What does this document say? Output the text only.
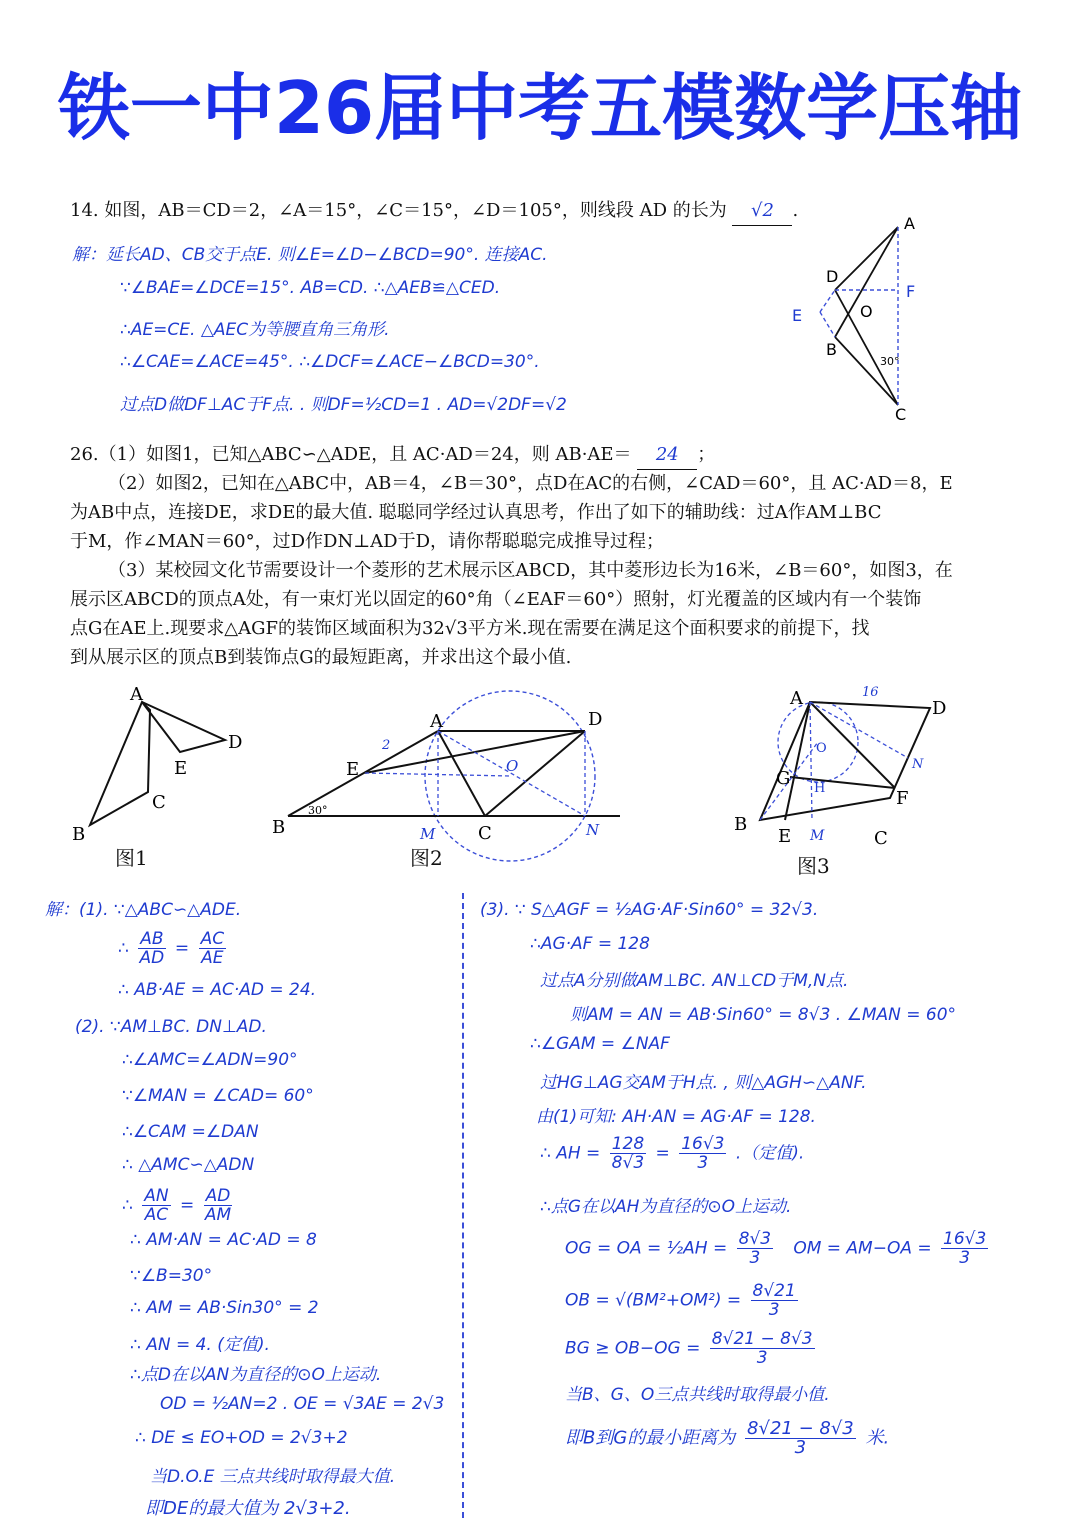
铁一中26届中考五模数学压轴
14. 如图，AB＝CD＝2，∠A＝15°，∠C＝15°，∠D＝105°，则线段 AD 的长为 √2 .
解：延长AD、CB交于点E. 则∠E=∠D−∠BCD=90°. 连接AC.
∵∠BAE=∠DCE=15°. AB=CD. ∴△AEB≌△CED.
∴AE=CE. △AEC为等腰直角三角形.
∴∠CAE=∠ACE=45°. ∴∠DCF=∠ACE−∠BCD=30°.
过点D做DF⊥AC于F点. . 则DF=½CD=1 . AD=√2DF=√2
A
D
E
F
O
B
C
30°
26.（1）如图1，已知△ABC∽△ADE，且 AC·AD＝24，则 AB·AE＝ 24 ；
（2）如图2，已知在△ABC中，AB＝4，∠B＝30°，点D在AC的右侧，∠CAD＝60°，且 AC·AD＝8，E
为AB中点，连接DE，求DE的最大值. 聪聪同学经过认真思考，作出了如下的辅助线：过A作AM⊥BC
于M，作∠MAN＝60°，过D作DN⊥AD于D，请你帮聪聪完成推导过程；
（3）某校园文化节需要设计一个菱形的艺术展示区ABCD，其中菱形边长为16米，∠B＝60°，如图3，在
展示区ABCD的顶点A处，有一束灯光以固定的60°角（∠EAF＝60°）照射，灯光覆盖的区域内有一个装饰
点G在AE上.现要求△AGF的装饰区域面积为32√3平方米.现在需要在满足这个面积要求的前提下，找
到从展示区的顶点B到装饰点G的最短距离，并求出这个最小值.
A
B
C
D
E
图1
A
B	C
D
E
M	N
O
2
30°
图2
A
B
C
D
E
F
G H
M
N
O
16
图3
解：(1). ∵△ABC∽△ADE.
∴ $\frac{AB}{AD} = \frac{AC}{AE}$
∴ AB·AE = AC·AD = 24.
(2). ∵AM⊥BC. DN⊥AD.
∴∠AMC=∠ADN=90°
∵∠MAN = ∠CAD= 60°
∴∠CAM =∠DAN
∴ △AMC∽△ADN
∴ $\frac{AN}{AC} = \frac{AD}{AM}$
∴ AM·AN = AC·AD = 8
∵∠B=30°
∴ AM = AB·Sin30° = 2
∴ AN = 4. (定值).
∴点D在以AN为直径的⊙O上运动.
OD = ½AN=2 . OE = √3AE = 2√3
∴ DE ≤ EO+OD = 2√3+2
当D.O.E 三点共线时取得最大值.
即DE的最大值为 2√3+2.
(3). ∵ S△AGF = ½AG·AF·Sin60° = 32√3.
∴AG·AF = 128
过点A分别做AM⊥BC. AN⊥CD于M,N点.
则AM = AN = AB·Sin60° = 8√3 . ∠MAN = 60°
∴∠GAM = ∠NAF
过HG⊥AG交AM于H点. , 则△AGH∽△ANF.
由(1)可知: AH·AN = AG·AF = 128.
∴ AH = $\frac{128}{8√3} = \frac{16√3}{3}$ .（定值).
∴点G在以AH为直径的⊙O上运动.
OG = OA = ½AH = $\frac{8√3}{3}$ OM = $AM-OA = \frac{16√3}{3}$
OB = $√(BM^2+OM^2) = \frac{8√21}{3}$
BG ≥ $OB-OG = \frac{8√21 - 8√3}{3}$
当B、G、O三点共线时取得最小值.
即B到G的最小距离为 $\frac{8√21 - 8√3}{3}$ 米.
